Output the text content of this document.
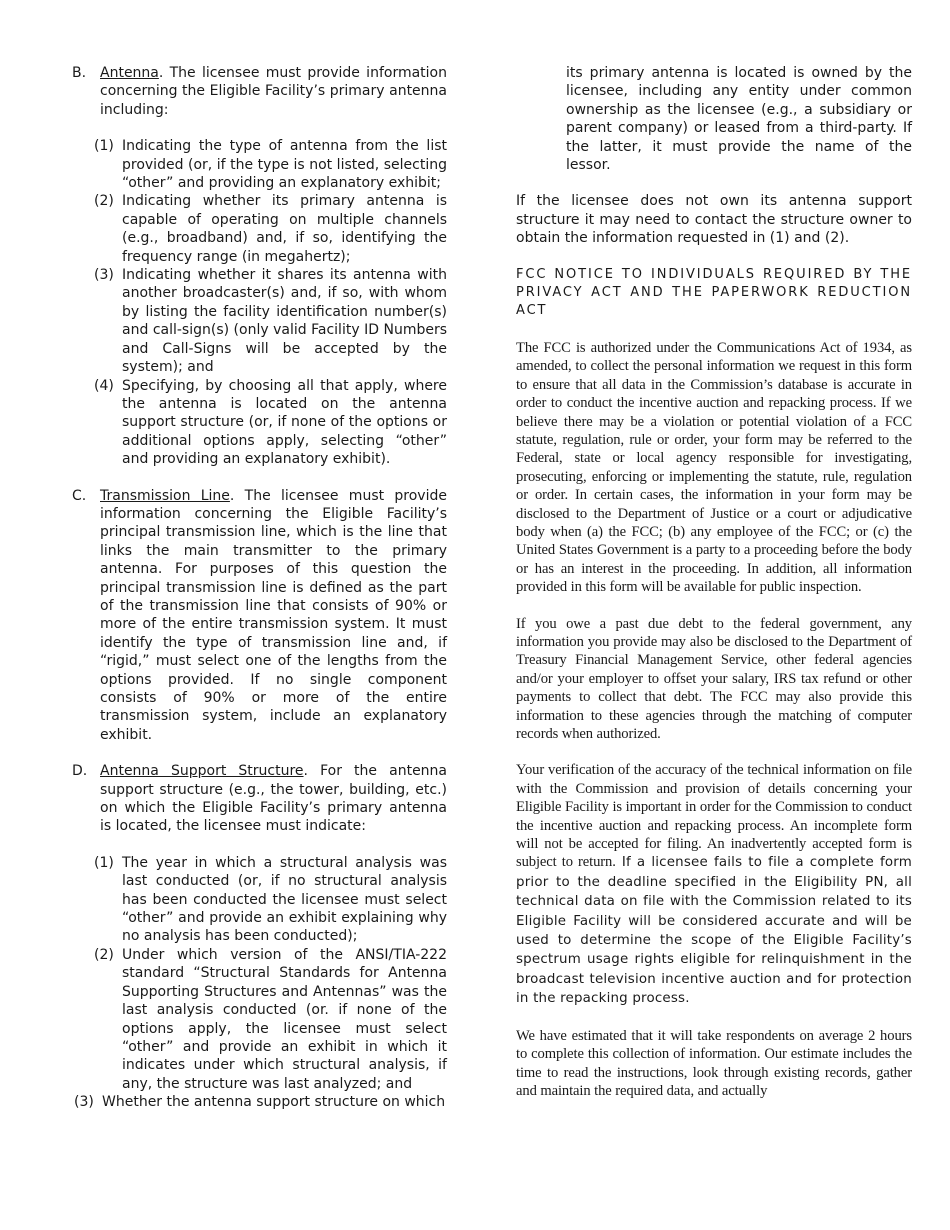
B. Antenna. The licensee must provide information concerning the Eligible Facility’s primary antenna including:
(1) Indicating the type of antenna from the list provided (or, if the type is not listed, selecting “other” and providing an explanatory exhibit;
(2) Indicating whether its primary antenna is capable of operating on multiple channels (e.g., broadband) and, if so, identifying the frequency range (in megahertz);
(3) Indicating whether it shares its antenna with another broadcaster(s) and, if so, with whom by listing the facility identification number(s) and call-sign(s) (only valid Facility ID Numbers and Call-Signs will be accepted by the system); and
(4) Specifying, by choosing all that apply, where the antenna is located on the antenna support structure (or, if none of the options or additional options apply, selecting “other” and providing an explanatory exhibit).
C. Transmission Line. The licensee must provide information concerning the Eligible Facility’s principal transmission line, which is the line that links the main transmitter to the primary antenna. For purposes of this question the principal transmission line is defined as the part of the transmission line that consists of 90% or more of the entire transmission system. It must identify the type of transmission line and, if “rigid,” must select one of the lengths from the options provided. If no single component consists of 90% or more of the entire transmission system, include an explanatory exhibit.
D. Antenna Support Structure. For the antenna support structure (e.g., the tower, building, etc.) on which the Eligible Facility’s primary antenna is located, the licensee must indicate:
(1) The year in which a structural analysis was last conducted (or, if no structural analysis has been conducted the licensee must select “other” and provide an exhibit explaining why no analysis has been conducted);
(2) Under which version of the ANSI/TIA-222 standard “Structural Standards for Antenna Supporting Structures and Antennas” was the last analysis conducted (or. if none of the options apply, the licensee must select “other” and provide an exhibit in which it indicates under which structural analysis, if any, the structure was last analyzed; and
(3) Whether the antenna support structure on which

its primary antenna is located is owned by the licensee, including any entity under common ownership as the licensee (e.g., a subsidiary or parent company) or leased from a third-party. If the latter, it must provide the name of the lessor.

If the licensee does not own its antenna support structure it may need to contact the structure owner to obtain the information requested in (1) and (2).

FCC NOTICE TO INDIVIDUALS REQUIRED BY THE PRIVACY ACT AND THE PAPERWORK REDUCTION ACT

The FCC is authorized under the Communications Act of 1934, as amended, to collect the personal information we request in this form to ensure that all data in the Commission’s database is accurate in order to conduct the incentive auction and repacking process. If we believe there may be a violation or potential violation of a FCC statute, regulation, rule or order, your form may be referred to the Federal, state or local agency responsible for investigating, prosecuting, enforcing or implementing the statute, rule, regulation or order. In certain cases, the information in your form may be disclosed to the Department of Justice or a court or adjudicative body when (a) the FCC; (b) any employee of the FCC; or (c) the United States Government is a party to a proceeding before the body or has an interest in the proceeding. In addition, all information provided in this form will be available for public inspection.

If you owe a past due debt to the federal government, any information you provide may also be disclosed to the Department of Treasury Financial Management Service, other federal agencies and/or your employer to offset your salary, IRS tax refund or other payments to collect that debt. The FCC may also provide this information to these agencies through the matching of computer records when authorized.

Your verification of the accuracy of the technical information on file with the Commission and provision of details concerning your Eligible Facility is important in order for the Commission to conduct the incentive auction and repacking process. An incomplete form will not be accepted for filing. An inadvertently accepted form is subject to return. If a licensee fails to file a complete form prior to the deadline specified in the Eligibility PN, all technical data on file with the Commission related to its Eligible Facility will be considered accurate and will be used to determine the scope of the Eligible Facility’s spectrum usage rights eligible for relinquishment in the broadcast television incentive auction and for protection in the repacking process.

We have estimated that it will take respondents on average 2 hours to complete this collection of information. Our estimate includes the time to read the instructions, look through existing records, gather and maintain the required data, and actually
